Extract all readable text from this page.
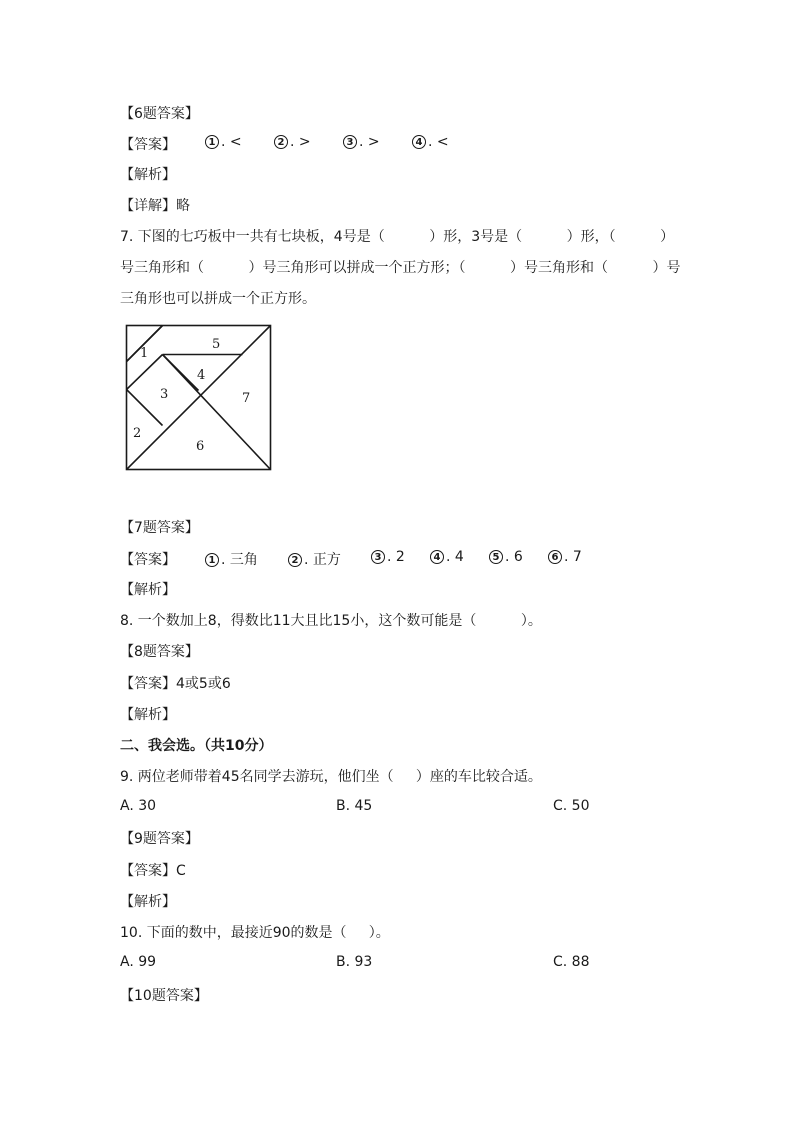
【6题答案】
【答案】	1 . <	2 . >	3 . >	4 . <
【解析】
【详解】略
7. 下图的七巧板中一共有七块板，4号是（          ）形，3号是（          ）形，（          ）
号三角形和（          ）号三角形可以拼成一个正方形；（          ）号三角形和（          ）号
三角形也可以拼成一个正方形。
1
5
4
3	7
2
6
【7题答案】
【答案】	1 . 三角	2 . 正方	3 . 2	4 . 4	5 . 6	6 . 7
【解析】
8. 一个数加上8，得数比11大且比15小，这个数可能是（          ）。
【8题答案】
【答案】4或5或6
【解析】
二、我会选。（共10分）
9. 两位老师带着45名同学去游玩，他们坐（     ）座的车比较合适。
A. 30	B. 45	C. 50
【9题答案】
【答案】C
【解析】
10. 下面的数中，最接近90的数是（     ）。
A. 99	B. 93	C. 88
【10题答案】
